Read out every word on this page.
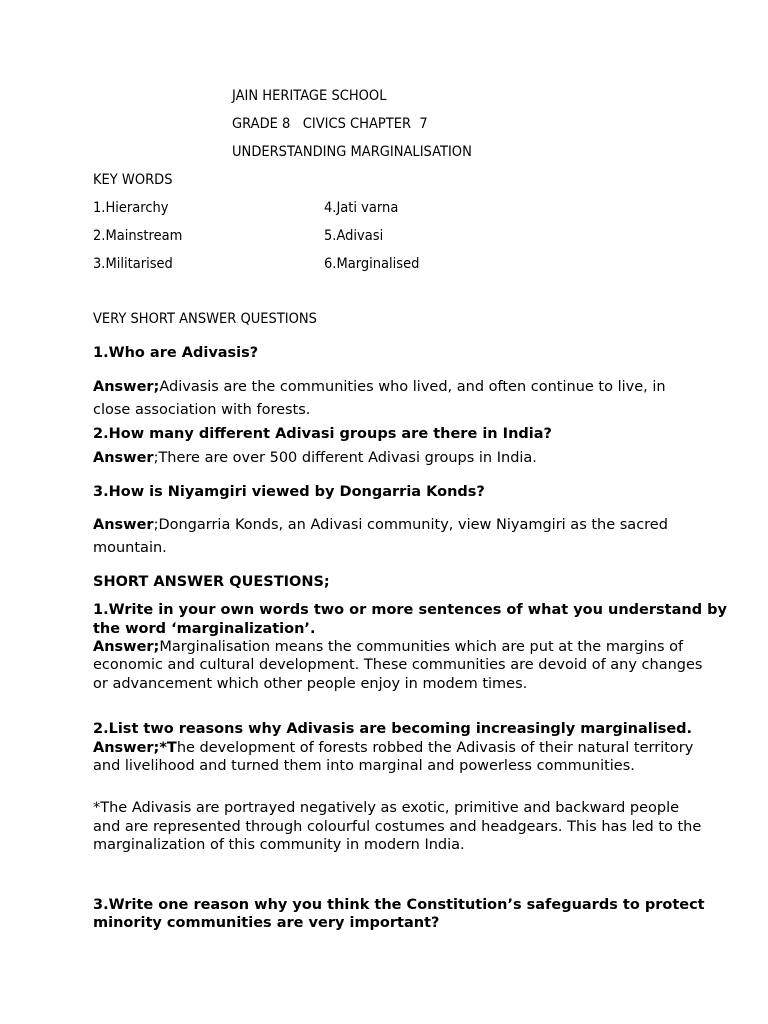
JAIN HERITAGE SCHOOL
GRADE 8   CIVICS CHAPTER  7
UNDERSTANDING MARGINALISATION
KEY WORDS
1.Hierarchy
2.Mainstream
3.Militarised
4.Jati varna
5.Adivasi
6.Marginalised
VERY SHORT ANSWER QUESTIONS
1.Who are Adivasis?
Answer;Adivasis are the communities who lived, and often continue to live, in
close association with forests.
2.How many different Adivasi groups are there in India?
Answer;There are over 500 different Adivasi groups in India.
3.How is Niyamgiri viewed by Dongarria Konds?
Answer;Dongarria Konds, an Adivasi community, view Niyamgiri as the sacred
mountain.
SHORT ANSWER QUESTIONS;
1.Write in your own words two or more sentences of what you understand by
the word ‘marginalization’.
Answer;Marginalisation means the communities which are put at the margins of
economic and cultural development. These communities are devoid of any changes
or advancement which other people enjoy in modem times.
2.List two reasons why Adivasis are becoming increasingly marginalised.
Answer;*The development of forests robbed the Adivasis of their natural territory
and livelihood and turned them into marginal and powerless communities.
*The Adivasis are portrayed negatively as exotic, primitive and backward people
and are represented through colourful costumes and headgears. This has led to the
marginalization of this community in modern India.
3.Write one reason why you think the Constitution’s safeguards to protect
minority communities are very important?
